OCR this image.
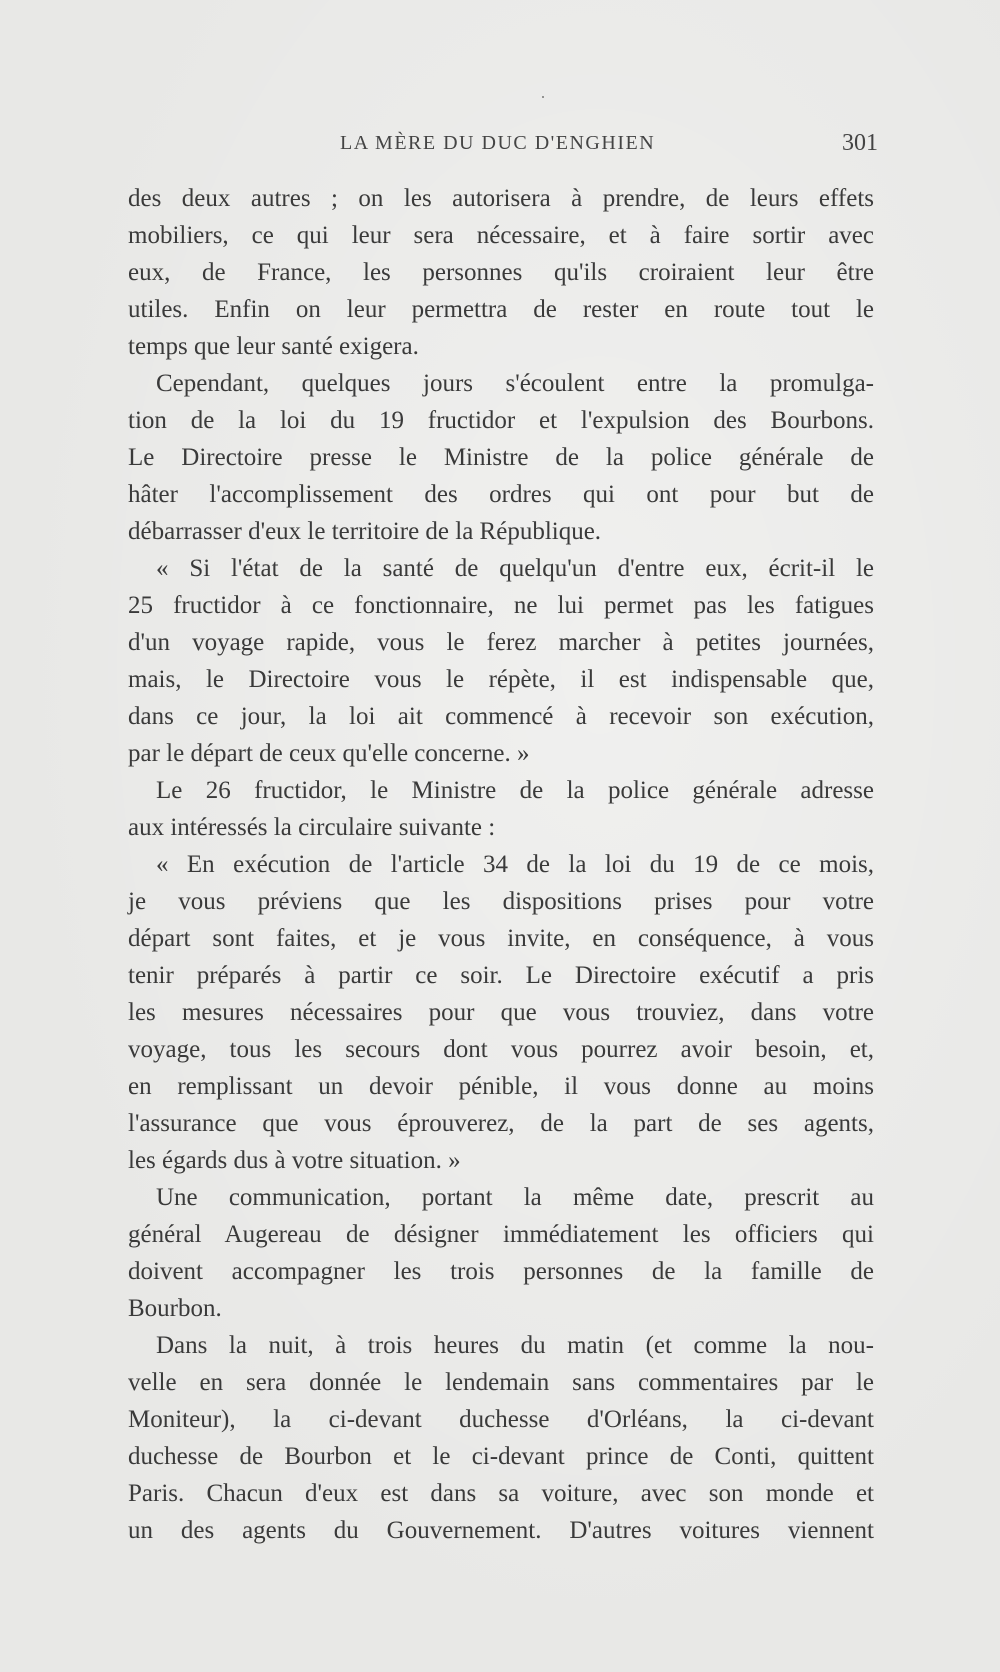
LA MÈRE DU DUC D'ENGHIEN	301
des deux autres ; on les autorisera à prendre, de leurs effets
mobiliers, ce qui leur sera nécessaire, et à faire sortir avec
eux, de France, les personnes qu'ils croiraient leur être
utiles. Enfin on leur permettra de rester en route tout le
temps que leur santé exigera.
Cependant, quelques jours s'écoulent entre la promulga-
tion de la loi du 19 fructidor et l'expulsion des Bourbons.
Le Directoire presse le Ministre de la police générale de
hâter l'accomplissement des ordres qui ont pour but de
débarrasser d'eux le territoire de la République.
« Si l'état de la santé de quelqu'un d'entre eux, écrit-il le
25 fructidor à ce fonctionnaire, ne lui permet pas les fatigues
d'un voyage rapide, vous le ferez marcher à petites journées,
mais, le Directoire vous le répète, il est indispensable que,
dans ce jour, la loi ait commencé à recevoir son exécution,
par le départ de ceux qu'elle concerne. »
Le 26 fructidor, le Ministre de la police générale adresse
aux intéressés la circulaire suivante :
« En exécution de l'article 34 de la loi du 19 de ce mois,
je vous préviens que les dispositions prises pour votre
départ sont faites, et je vous invite, en conséquence, à vous
tenir préparés à partir ce soir. Le Directoire exécutif a pris
les mesures nécessaires pour que vous trouviez, dans votre
voyage, tous les secours dont vous pourrez avoir besoin, et,
en remplissant un devoir pénible, il vous donne au moins
l'assurance que vous éprouverez, de la part de ses agents,
les égards dus à votre situation. »
Une communication, portant la même date, prescrit au
général Augereau de désigner immédiatement les officiers qui
doivent accompagner les trois personnes de la famille de
Bourbon.
Dans la nuit, à trois heures du matin (et comme la nou-
velle en sera donnée le lendemain sans commentaires par le
Moniteur), la ci-devant duchesse d'Orléans, la ci-devant
duchesse de Bourbon et le ci-devant prince de Conti, quittent
Paris. Chacun d'eux est dans sa voiture, avec son monde et
un des agents du Gouvernement. D'autres voitures viennent
